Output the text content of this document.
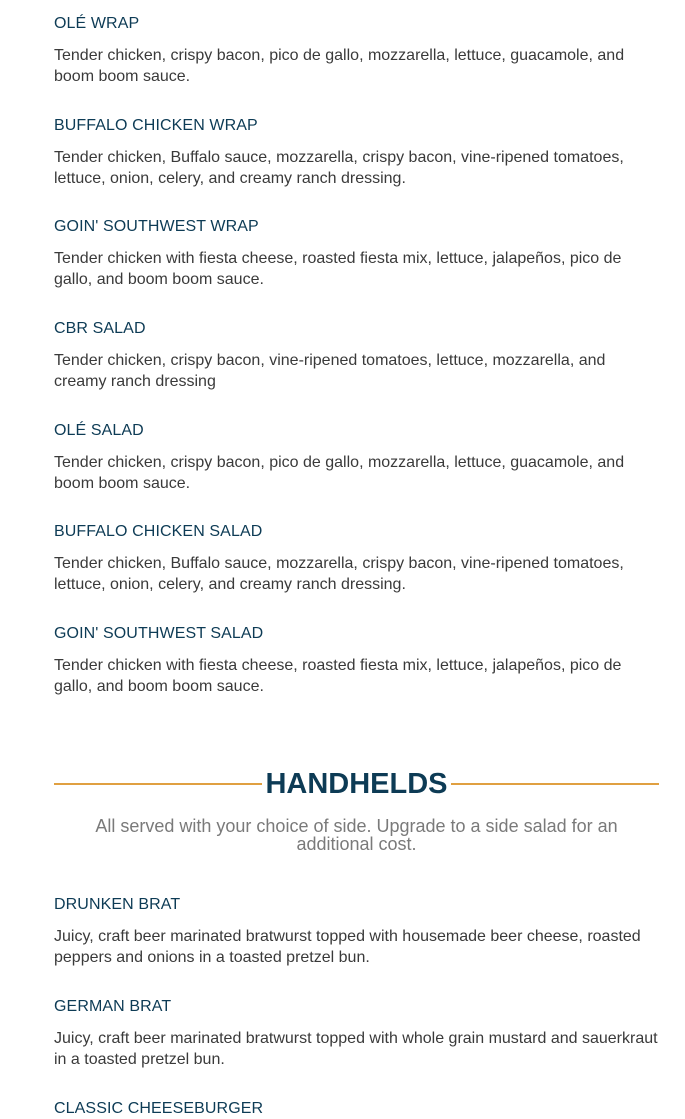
OLÉ WRAP

Tender chicken, crispy bacon, pico de gallo, mozzarella, lettuce, guacamole, and boom boom sauce.

BUFFALO CHICKEN WRAP

Tender chicken, Buffalo sauce, mozzarella, crispy bacon, vine-ripened tomatoes, lettuce, onion, celery, and creamy ranch dressing.

GOIN' SOUTHWEST WRAP

Tender chicken with fiesta cheese, roasted fiesta mix, lettuce, jalapeños, pico de gallo, and boom boom sauce.

CBR SALAD

Tender chicken, crispy bacon, vine-ripened tomatoes, lettuce, mozzarella, and creamy ranch dressing

OLÉ SALAD

Tender chicken, crispy bacon, pico de gallo, mozzarella, lettuce, guacamole, and boom boom sauce.

BUFFALO CHICKEN SALAD

Tender chicken, Buffalo sauce, mozzarella, crispy bacon, vine-ripened tomatoes, lettuce, onion, celery, and creamy ranch dressing.

GOIN' SOUTHWEST SALAD

Tender chicken with fiesta cheese, roasted fiesta mix, lettuce, jalapeños, pico de gallo, and boom boom sauce.

HANDHELDS

All served with your choice of side. Upgrade to a side salad for an additional cost.

DRUNKEN BRAT

Juicy, craft beer marinated bratwurst topped with housemade beer cheese, roasted peppers and onions in a toasted pretzel bun.

GERMAN BRAT

Juicy, craft beer marinated bratwurst topped with whole grain mustard and sauerkraut in a toasted pretzel bun.

CLASSIC CHEESEBURGER
